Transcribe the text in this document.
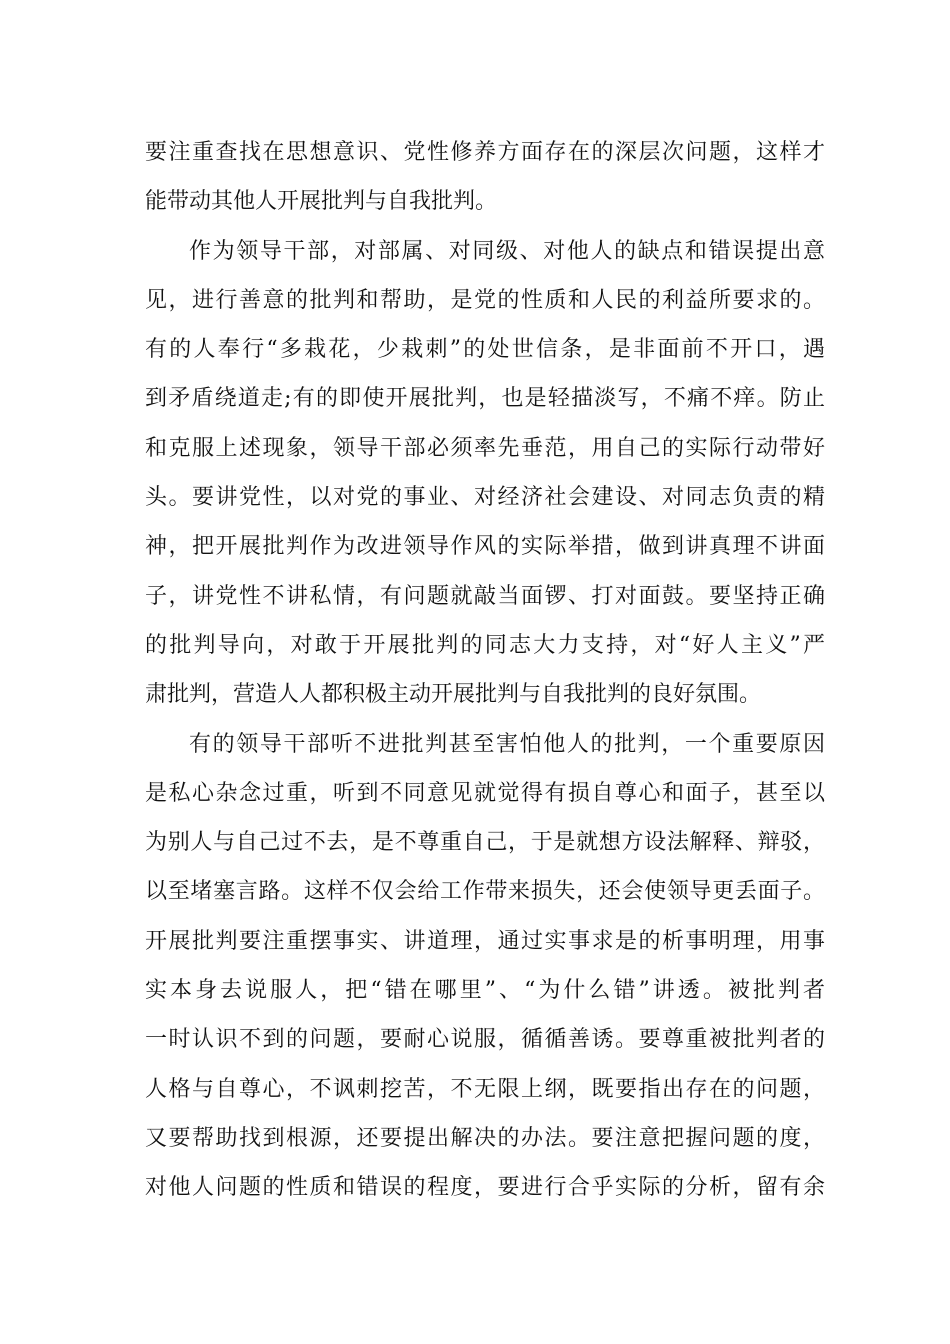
要注重查找在思想意识、党性修养方面存在的深层次问题，这样才
能带动其他人开展批判与自我批判。
作为领导干部，对部属、对同级、对他人的缺点和错误提出意
见，进行善意的批判和帮助，是党的性质和人民的利益所要求的。
有的人奉行“多栽花，少栽刺”的处世信条，是非面前不开口，遇
到矛盾绕道走;有的即使开展批判，也是轻描淡写，不痛不痒。防止
和克服上述现象，领导干部必须率先垂范，用自己的实际行动带好
头。要讲党性，以对党的事业、对经济社会建设、对同志负责的精
神，把开展批判作为改进领导作风的实际举措，做到讲真理不讲面
子，讲党性不讲私情，有问题就敲当面锣、打对面鼓。要坚持正确
的批判导向，对敢于开展批判的同志大力支持，对“好人主义”严
肃批判，营造人人都积极主动开展批判与自我批判的良好氛围。
有的领导干部听不进批判甚至害怕他人的批判，一个重要原因
是私心杂念过重，听到不同意见就觉得有损自尊心和面子，甚至以
为别人与自己过不去，是不尊重自己，于是就想方设法解释、辩驳，
以至堵塞言路。这样不仅会给工作带来损失，还会使领导更丢面子。
开展批判要注重摆事实、讲道理，通过实事求是的析事明理，用事
实本身去说服人，把“错在哪里”、“为什么错”讲透。被批判者
一时认识不到的问题，要耐心说服，循循善诱。要尊重被批判者的
人格与自尊心，不讽刺挖苦，不无限上纲，既要指出存在的问题，
又要帮助找到根源，还要提出解决的办法。要注意把握问题的度，
对他人问题的性质和错误的程度，要进行合乎实际的分析，留有余
